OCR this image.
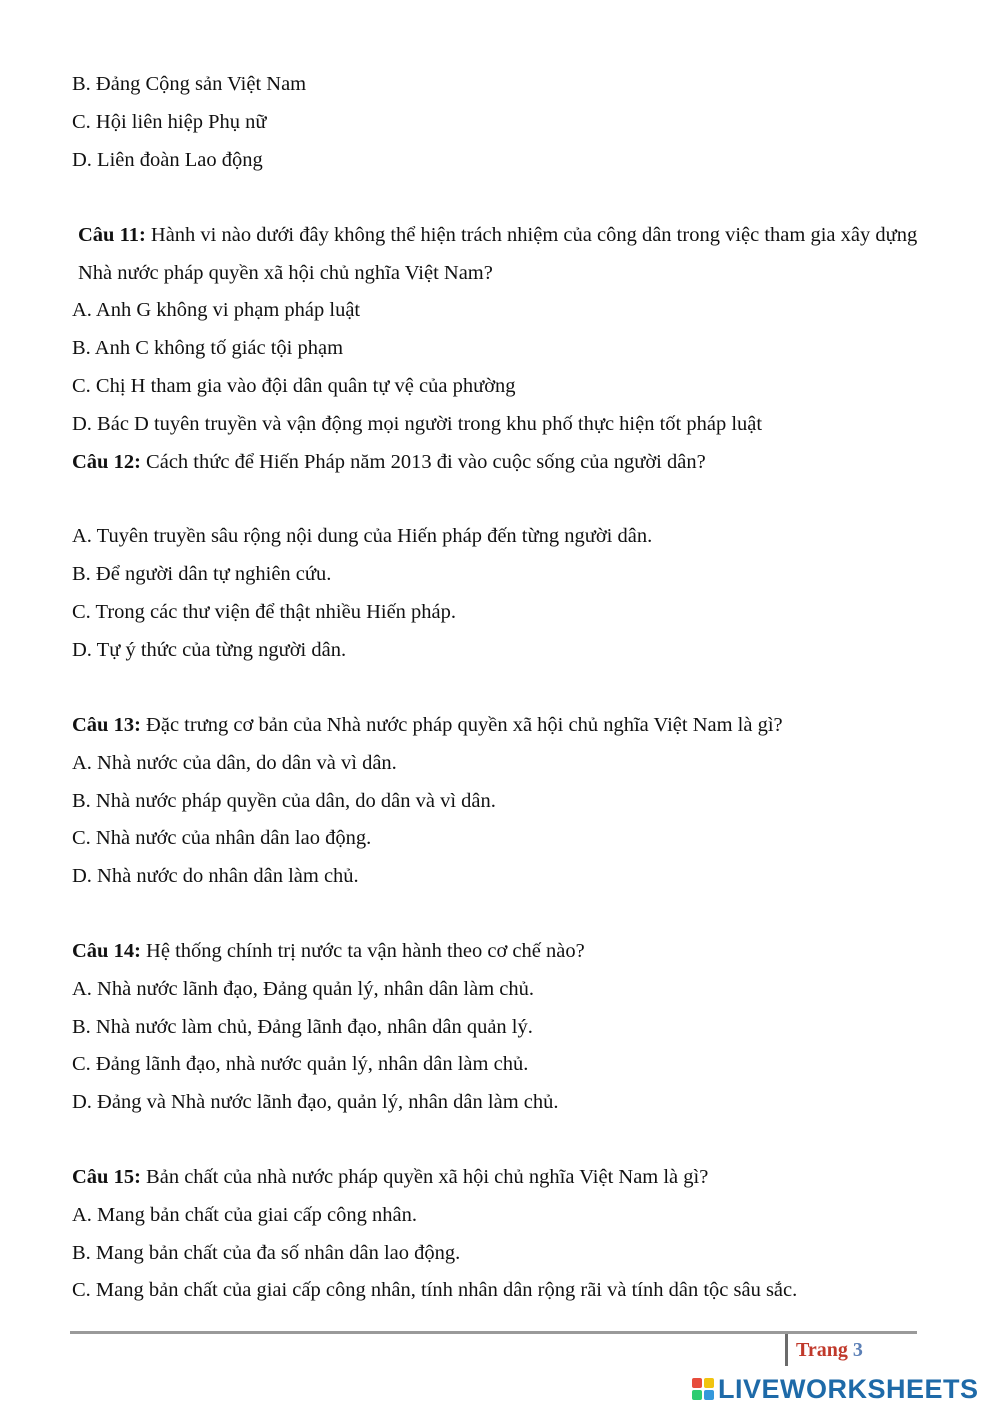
B. Đảng Cộng sản Việt Nam
C. Hội liên hiệp Phụ nữ
D. Liên đoàn Lao động
Câu 11: Hành vi nào dưới đây không thể hiện trách nhiệm của công dân trong việc tham gia xây dựng Nhà nước pháp quyền xã hội chủ nghĩa Việt Nam?
A. Anh G không vi phạm pháp luật
B. Anh C không tố giác tội phạm
C. Chị H tham gia vào đội dân quân tự vệ của phường
D. Bác D tuyên truyền và vận động mọi người trong khu phố thực hiện tốt pháp luật
Câu 12: Cách thức để Hiến Pháp năm 2013 đi vào cuộc sống của người dân?
A. Tuyên truyền sâu rộng nội dung của Hiến pháp đến từng người dân.
B. Để người dân tự nghiên cứu.
C. Trong các thư viện để thật nhiều Hiến pháp.
D. Tự ý thức của từng người dân.
Câu 13: Đặc trưng cơ bản của Nhà nước pháp quyền xã hội chủ nghĩa Việt Nam là gì?
A. Nhà nước của dân, do dân và vì dân.
B. Nhà nước pháp quyền của dân, do dân và vì dân.
C. Nhà nước của nhân dân lao động.
D. Nhà nước do nhân dân làm chủ.
Câu 14: Hệ thống chính trị nước ta vận hành theo cơ chế nào?
A. Nhà nước lãnh đạo, Đảng quản lý, nhân dân làm chủ.
B. Nhà nước làm chủ, Đảng lãnh đạo, nhân dân quản lý.
C. Đảng lãnh đạo, nhà nước quản lý, nhân dân làm chủ.
D. Đảng và Nhà nước lãnh đạo, quản lý, nhân dân làm chủ.
Câu 15: Bản chất của nhà nước pháp quyền xã hội chủ nghĩa Việt Nam là gì?
A. Mang bản chất của giai cấp công nhân.
B. Mang bản chất của đa số nhân dân lao động.
C. Mang bản chất của giai cấp công nhân, tính nhân dân rộng rãi và tính dân tộc sâu sắc.
Trang 3
LIVEWORKSHEETS
